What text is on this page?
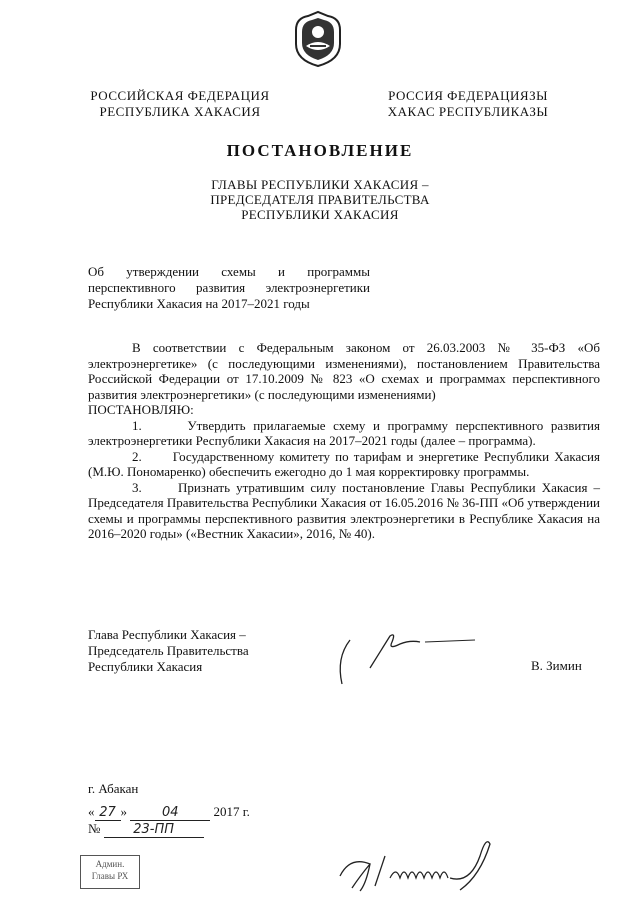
РОССИЙСКАЯ ФЕДЕРАЦИЯ
РЕСПУБЛИКА ХАКАСИЯ
РОССИЯ ФЕДЕРАЦИЯЗЫ
ХАКАС РЕСПУБЛИКАЗЫ
ПОСТАНОВЛЕНИЕ
ГЛАВЫ РЕСПУБЛИКИ ХАКАСИЯ –
ПРЕДСЕДАТЕЛЯ ПРАВИТЕЛЬСТВА
РЕСПУБЛИКИ ХАКАСИЯ
Об утверждении схемы и программы
перспективного развития электроэнергетики
Республики Хакасия на 2017–2021 годы

В соответствии с Федеральным законом от 26.03.2003 № 35-ФЗ «Об электроэнергетике» (с последующими изменениями), постановлением Правительства Российской Федерации от 17.10.2009 № 823 «О схемах и программах перспективного развития электроэнергетики» (с последующими изменениями)

ПОСТАНОВЛЯЮ:

1.      Утвердить прилагаемые схему и программу перспективного развития электроэнергетики Республики Хакасия на 2017–2021 годы (далее – программа).

2.      Государственному комитету по тарифам и энергетике Республики Хакасия (М.Ю. Пономаренко) обеспечить ежегодно до 1 мая корректировку программы.

3.      Признать утратившим силу постановление Главы Республики Хакасия – Председателя Правительства Республики Хакасия от 16.05.2016 № 36-ПП «Об утверждении схемы и программы перспективного развития электроэнергетики в Республике Хакасия на 2016–2020 годы» («Вестник Хакасии», 2016, № 40).

Глава Республики Хакасия –
Председатель Правительства
Республики Хакасия	В. Зимин
г. Абакан
« 27 »	04	2017 г.
№	23-ПП
Админ.
Главы РХ
